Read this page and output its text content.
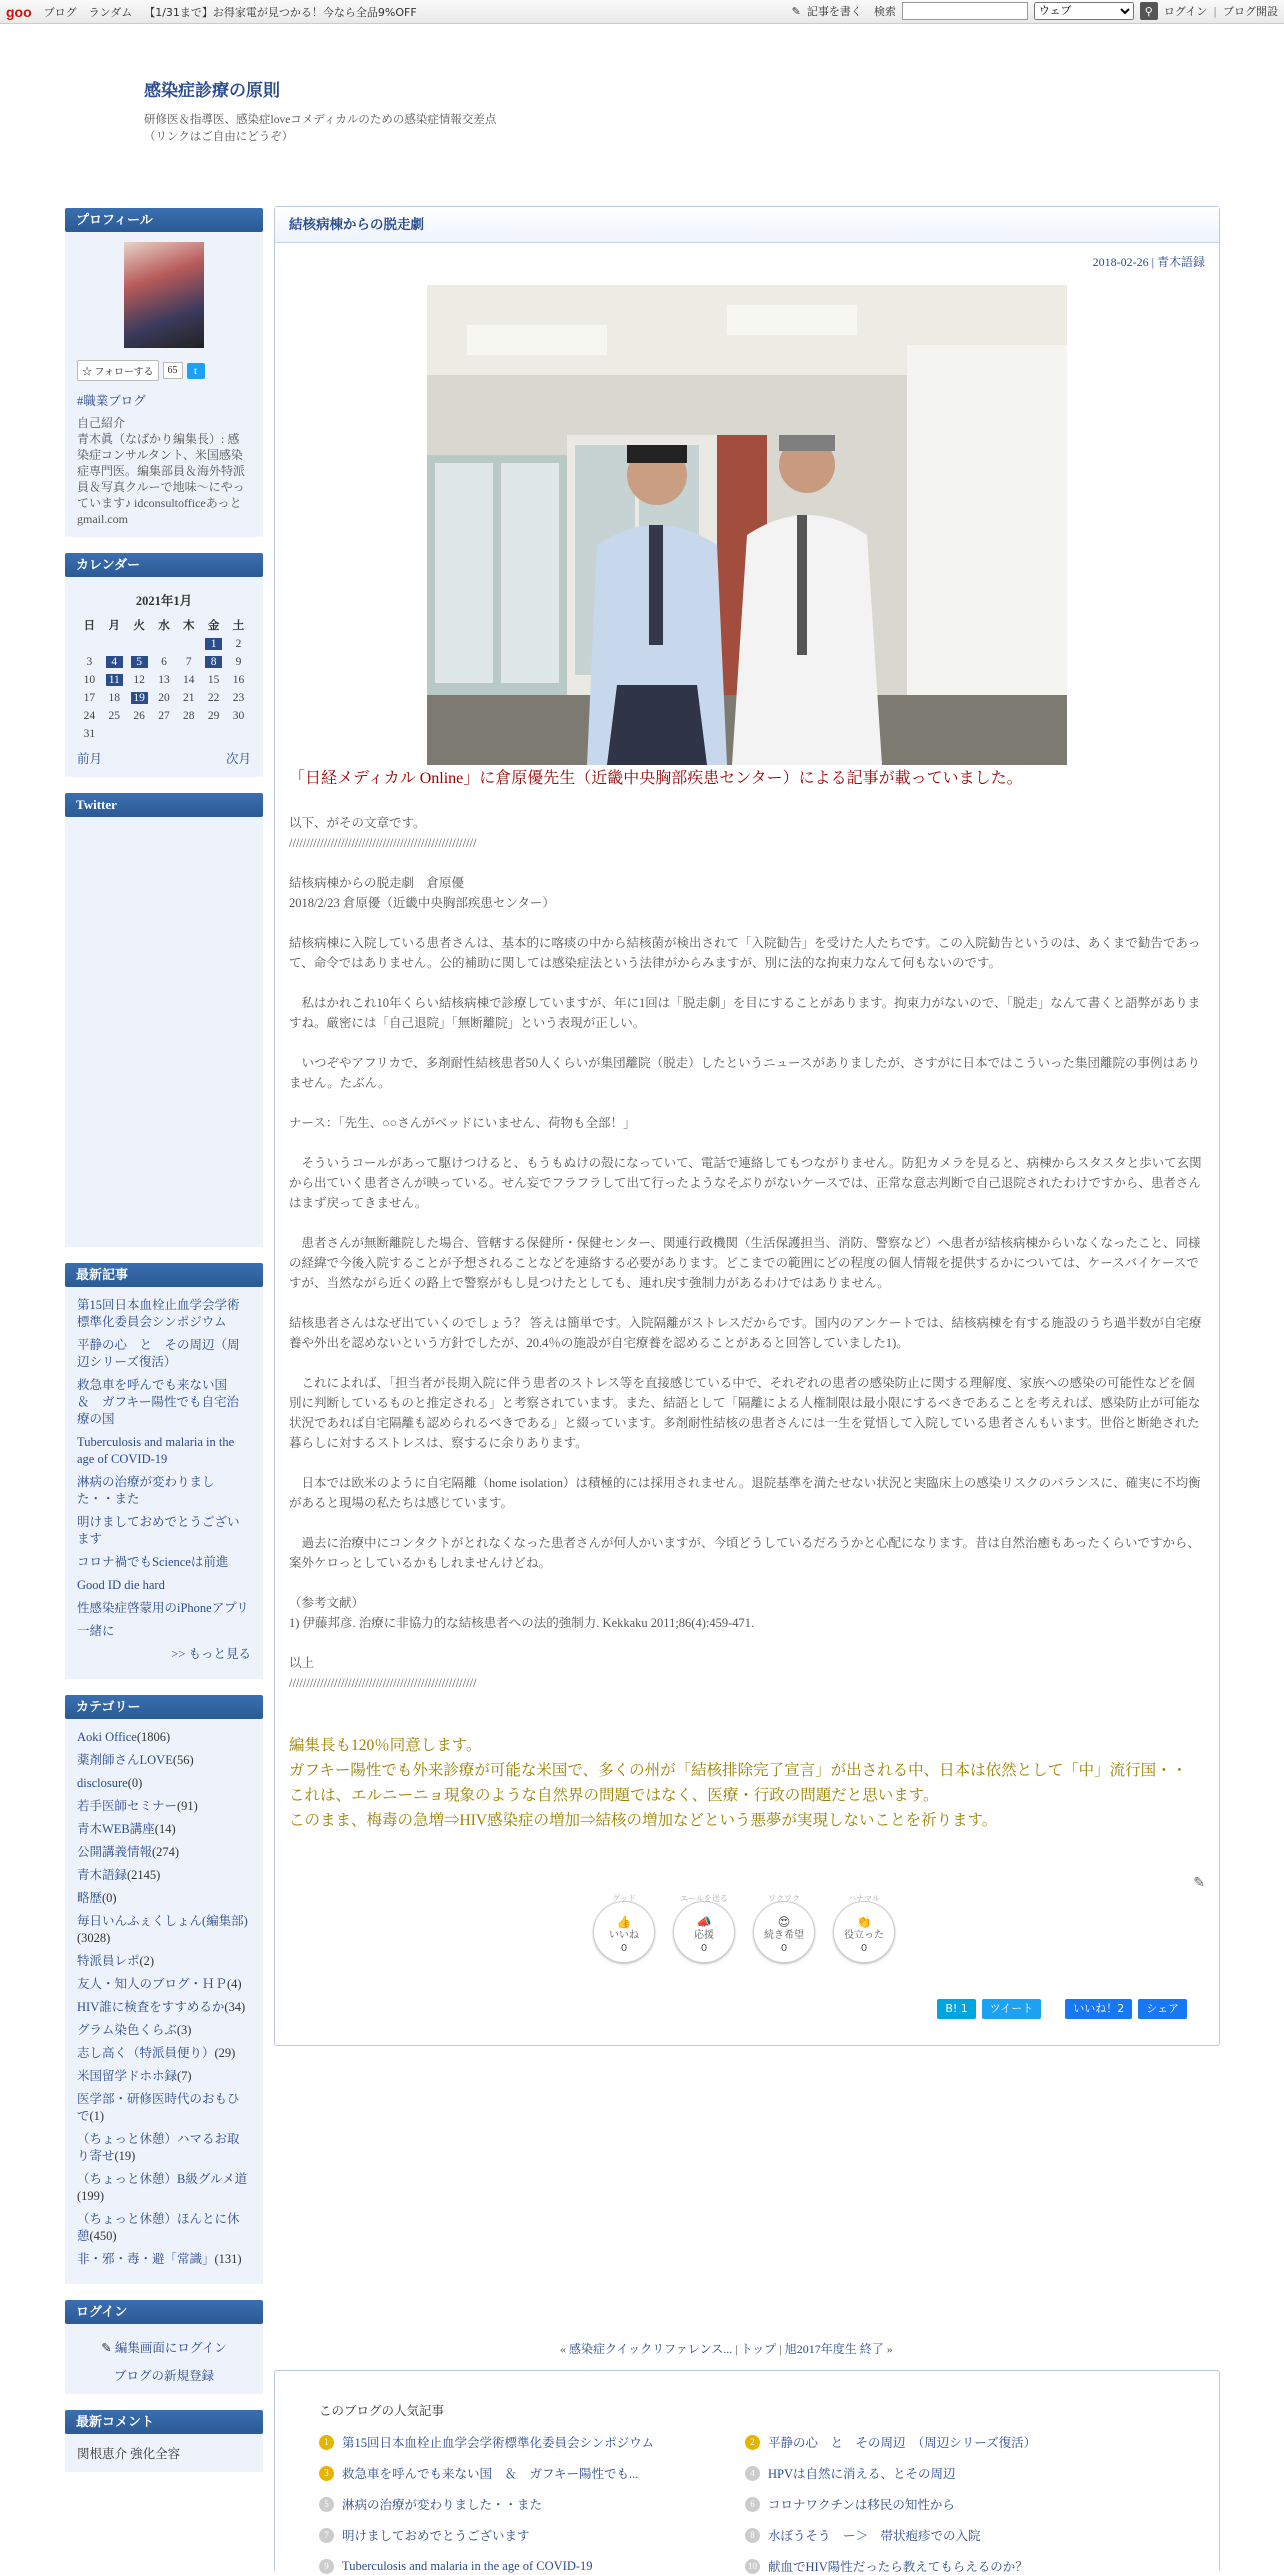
goo ブログ ランダム 【1/31まで】お得家電が見つかる！今なら全品9%OFF	✎ 記事を書く 検索
ウェブ	⚲ ログイン | ブログ開設
感染症診療の原則
研修医＆指導医、感染症loveコメディカルのための感染症情報交差点
（リンクはご自由にどうぞ）
プロフィール
☆ フォローする	65	t
#職業ブログ
自己紹介
青木眞（なばかり編集長）: 感染症コンサルタント、米国感染症専門医。編集部員＆海外特派員＆写真クルーで地味～にやっています♪ idconsultofficeあっとgmail.com
カレンダー
2021年1月
日	月	火	水	木	金	土
					1	2
3	4	5	6	7	8	9
10	11	12	13	14	15	16
17	18	19	20	21	22	23
24	25	26	27	28	29	30
31						
前月	次月
Twitter
最新記事
第15回日本血栓止血学会学術標準化委員会シンポジウム
平静の心　と　その周辺（周辺シリーズ復活）
救急車を呼んでも来ない国　＆　ガフキー陽性でも自宅治療の国
Tuberculosis and malaria in the age of COVID-19
淋病の治療が変わりました・・また
明けましておめでとうございます
コロナ禍でもScienceは前進
Good ID die hard
性感染症啓蒙用のiPhoneアプリ
一緒に
>> もっと見る
カテゴリー
Aoki Office(1806)
薬剤師さんLOVE(56)
disclosure(0)
若手医師セミナー(91)
青木WEB講座(14)
公開講義情報(274)
青木語録(2145)
略歴(0)
毎日いんふぇくしょん(編集部)(3028)
特派員レポ(2)
友人・知人のブログ・ＨＰ(4)
HIV誰に検査をすすめるか(34)
グラム染色くらぶ(3)
志し高く（特派員便り）(29)
米国留学ドホホ録(7)
医学部・研修医時代のおもひで(1)
（ちょっと休憩）ハマるお取り寄せ(19)
（ちょっと休憩）B級グルメ道(199)
（ちょっと休憩）ほんとに休憩(450)
非・邪・毒・避「常識」(131)
ログイン
✎ 編集画面にログイン
ブログの新規登録
最新コメント
関根恵介 強化全容
結核病棟からの脱走劇
2018-02-26 | 青木語録

「日経メディカル Online」に倉原優先生（近畿中央胸部疾患センター）による記事が載っていました。

以下、がその文章です。

//////////////////////////////////////////////////////

結核病棟からの脱走劇　倉原優

2018/2/23 倉原優（近畿中央胸部疾患センター）

結核病棟に入院している患者さんは、基本的に喀痰の中から結核菌が検出されて「入院勧告」を受けた人たちです。この入院勧告というのは、あくまで勧告であって、命令ではありません。公的補助に関しては感染症法という法律がからみますが、別に法的な拘束力なんて何もないのです。

　私はかれこれ10年くらい結核病棟で診療していますが、年に1回は「脱走劇」を目にすることがあります。拘束力がないので、「脱走」なんて書くと語弊がありますね。厳密には「自己退院」「無断離院」という表現が正しい。

　いつぞやアフリカで、多剤耐性結核患者50人くらいが集団離院（脱走）したというニュースがありましたが、さすがに日本ではこういった集団離院の事例はありません。たぶん。

ナース：「先生、○○さんがベッドにいません、荷物も全部！」

　そういうコールがあって駆けつけると、もうもぬけの殻になっていて、電話で連絡してもつながりません。防犯カメラを見ると、病棟からスタスタと歩いて玄関から出ていく患者さんが映っている。せん妄でフラフラして出て行ったようなそぶりがないケースでは、正常な意志判断で自己退院されたわけですから、患者さんはまず戻ってきません。

　患者さんが無断離院した場合、管轄する保健所・保健センター、関連行政機関（生活保護担当、消防、警察など）へ患者が結核病棟からいなくなったこと、同様の経緯で今後入院することが予想されることなどを連絡する必要があります。どこまでの範囲にどの程度の個人情報を提供するかについては、ケースバイケースですが、当然ながら近くの路上で警察がもし見つけたとしても、連れ戻す強制力があるわけではありません。

結核患者さんはなぜ出ていくのでしょう？ 答えは簡単です。入院隔離がストレスだからです。国内のアンケートでは、結核病棟を有する施設のうち過半数が自宅療養や外出を認めないという方針でしたが、20.4％の施設が自宅療養を認めることがあると回答していました1)。

　これによれば、「担当者が長期入院に伴う患者のストレス等を直接感じている中で、それぞれの患者の感染防止に関する理解度、家族への感染の可能性などを個別に判断しているものと推定される」と考察されています。また、結語として「隔離による人権制限は最小限にするべきであることを考えれば、感染防止が可能な状況であれば自宅隔離も認められるべきである」と綴っています。多剤耐性結核の患者さんには一生を覚悟して入院している患者さんもいます。世俗と断絶された暮らしに対するストレスは、察するに余りあります。

　日本では欧米のように自宅隔離（home isolation）は積極的には採用されません。退院基準を満たせない状況と実臨床上の感染リスクのバランスに、確実に不均衡があると現場の私たちは感じています。

　過去に治療中にコンタクトがとれなくなった患者さんが何人かいますが、今頃どうしているだろうかと心配になります。昔は自然治癒もあったくらいですから、案外ケロっとしているかもしれませんけどね。

（参考文献）

1) 伊藤邦彦. 治療に非協力的な結核患者への法的強制力. Kekkaku 2011;86(4):459-471.

以上

//////////////////////////////////////////////////////

編集長も120％同意します。

ガフキー陽性でも外来診療が可能な米国で、多くの州が「結核排除完了宣言」が出される中、日本は依然として「中」流行国・・

これは、エルニーニョ現象のような自然界の問題ではなく、医療・行政の問題だと思います。

このまま、梅毒の急増⇒HIV感染症の増加⇒結核の増加などという悪夢が実現しないことを祈ります。

✎
グッド
👍
いいね
0
エールを送る
📣
応援
0
ワクワク
😍
続き希望
0
ハナマル
👏
役立った
0
B! 1	ツイート	いいね！2	シェア
« 感染症クイックリファレンス... | トップ | 旭2017年度生 終了 »
このブログの人気記事
1	第15回日本血栓止血学会学術標準化委員会シンポジウム	2	平静の心　と　その周辺　（周辺シリーズ復活）
3	救急車を呼んでも来ない国　＆　ガフキー陽性でも...	4	HPVは自然に消える、とその周辺
5	淋病の治療が変わりました・・また	6	コロナワクチンは移民の知性から
7	明けましておめでとうございます	8	水ぼうそう　ー＞　帯状疱疹での入院
9	Tuberculosis and malaria in the age of COVID-19	10 献血でHIV陽性だったら教えてもらえるのか？
